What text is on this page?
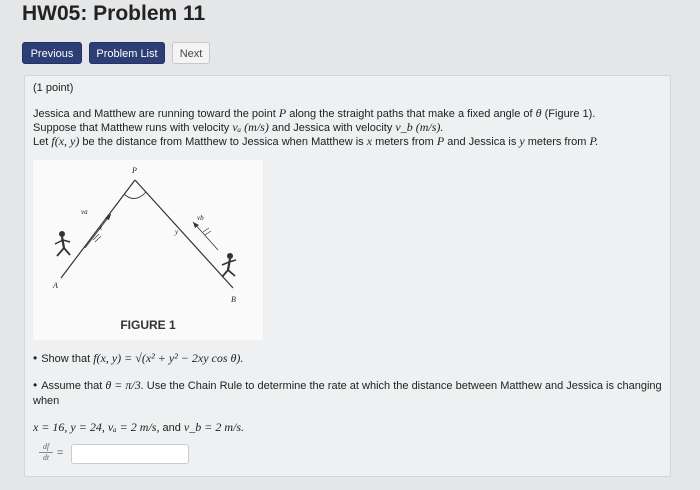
HW05: Problem 11
Previous	Problem List	Next
(1 point)
Jessica and Matthew are running toward the point P along the straight paths that make a fixed angle of θ (Figure 1).
Suppose that Matthew runs with velocity vₐ (m/s) and Jessica with velocity v_b (m/s).
Let f(x, y) be the distance from Matthew to Jessica when Matthew is x meters from P and Jessica is y meters from P.
P
A
B
x	y
va
vb
FIGURE 1
• Show that f(x, y) = √(x² + y² − 2xy cos θ).
• Assume that θ = π/3. Use the Chain Rule to determine the rate at which the distance between Matthew and Jessica is changing
when
x = 16, y = 24, vₐ = 2 m/s, and v_b = 2 m/s.
df
dt =
